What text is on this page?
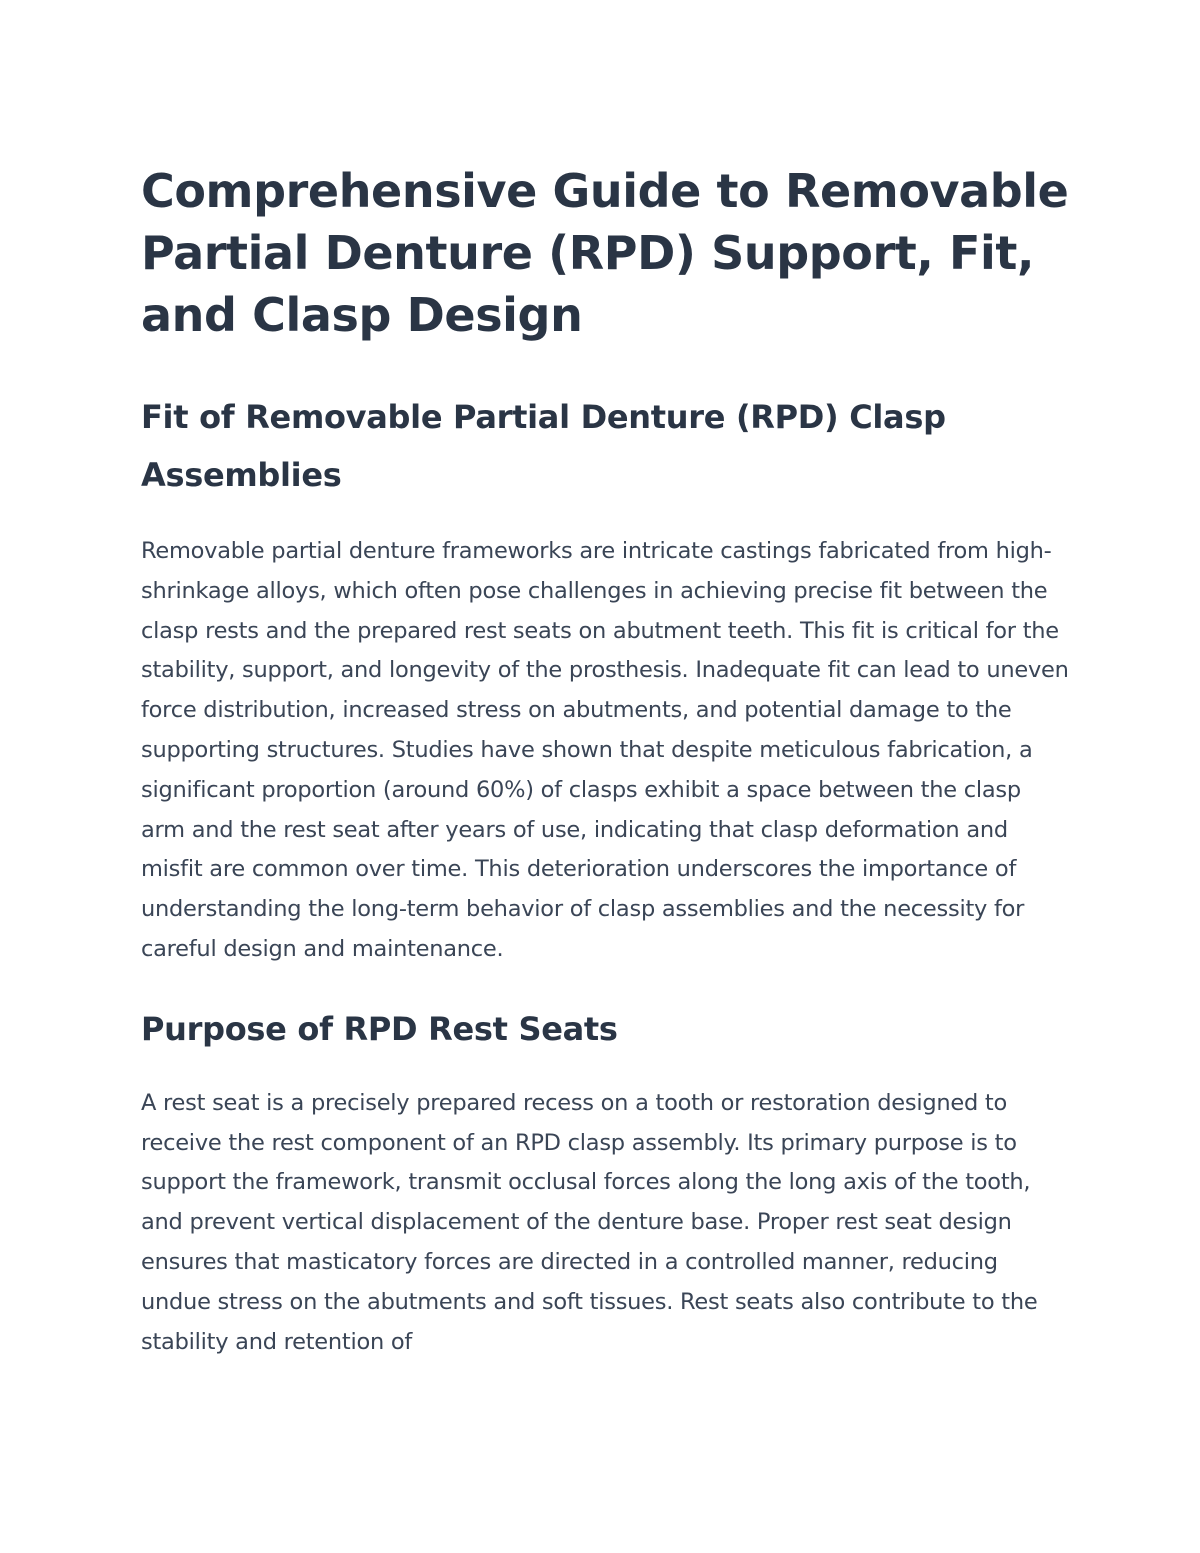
Comprehensive Guide to Removable Partial Denture (RPD) Support, Fit, and Clasp Design
Fit of Removable Partial Denture (RPD) Clasp Assemblies

Removable partial denture frameworks are intricate castings fabricated from high-shrinkage alloys, which often pose challenges in achieving precise fit between the clasp rests and the prepared rest seats on abutment teeth. This fit is critical for the stability, support, and longevity of the prosthesis. Inadequate fit can lead to uneven force distribution, increased stress on abutments, and potential damage to the supporting structures. Studies have shown that despite meticulous fabrication, a significant proportion (around 60%) of clasps exhibit a space between the clasp arm and the rest seat after years of use, indicating that clasp deformation and misfit are common over time. This deterioration underscores the importance of understanding the long-term behavior of clasp assemblies and the necessity for careful design and maintenance.

Purpose of RPD Rest Seats

A rest seat is a precisely prepared recess on a tooth or restoration designed to receive the rest component of an RPD clasp assembly. Its primary purpose is to support the framework, transmit occlusal forces along the long axis of the tooth, and prevent vertical displacement of the denture base. Proper rest seat design ensures that masticatory forces are directed in a controlled manner, reducing undue stress on the abutments and soft tissues. Rest seats also contribute to the stability and retention of
